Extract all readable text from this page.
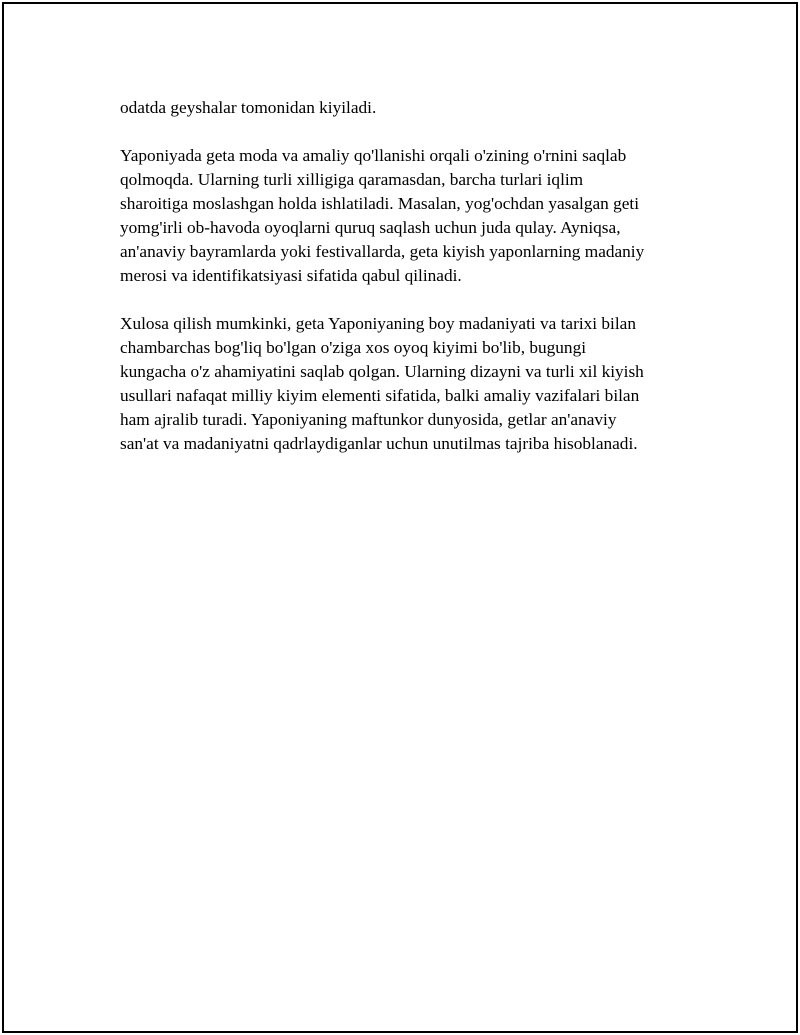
odatda geyshalar tomonidan kiyiladi.

Yaponiyada geta moda va amaliy qo'llanishi orqali o'zining o'rnini saqlab
qolmoqda. Ularning turli xilligiga qaramasdan, barcha turlari iqlim
sharoitiga moslashgan holda ishlatiladi. Masalan, yog'ochdan yasalgan geti
yomg'irli ob-havoda oyoqlarni quruq saqlash uchun juda qulay. Ayniqsa,
an'anaviy bayramlarda yoki festivallarda, geta kiyish yaponlarning madaniy
merosi va identifikatsiyasi sifatida qabul qilinadi.

Xulosa qilish mumkinki, geta Yaponiyaning boy madaniyati va tarixi bilan
chambarchas bog'liq bo'lgan o'ziga xos oyoq kiyimi bo'lib, bugungi
kungacha o'z ahamiyatini saqlab qolgan. Ularning dizayni va turli xil kiyish
usullari nafaqat milliy kiyim elementi sifatida, balki amaliy vazifalari bilan
ham ajralib turadi. Yaponiyaning maftunkor dunyosida, getlar an'anaviy
san'at va madaniyatni qadrlaydiganlar uchun unutilmas tajriba hisoblanadi.
